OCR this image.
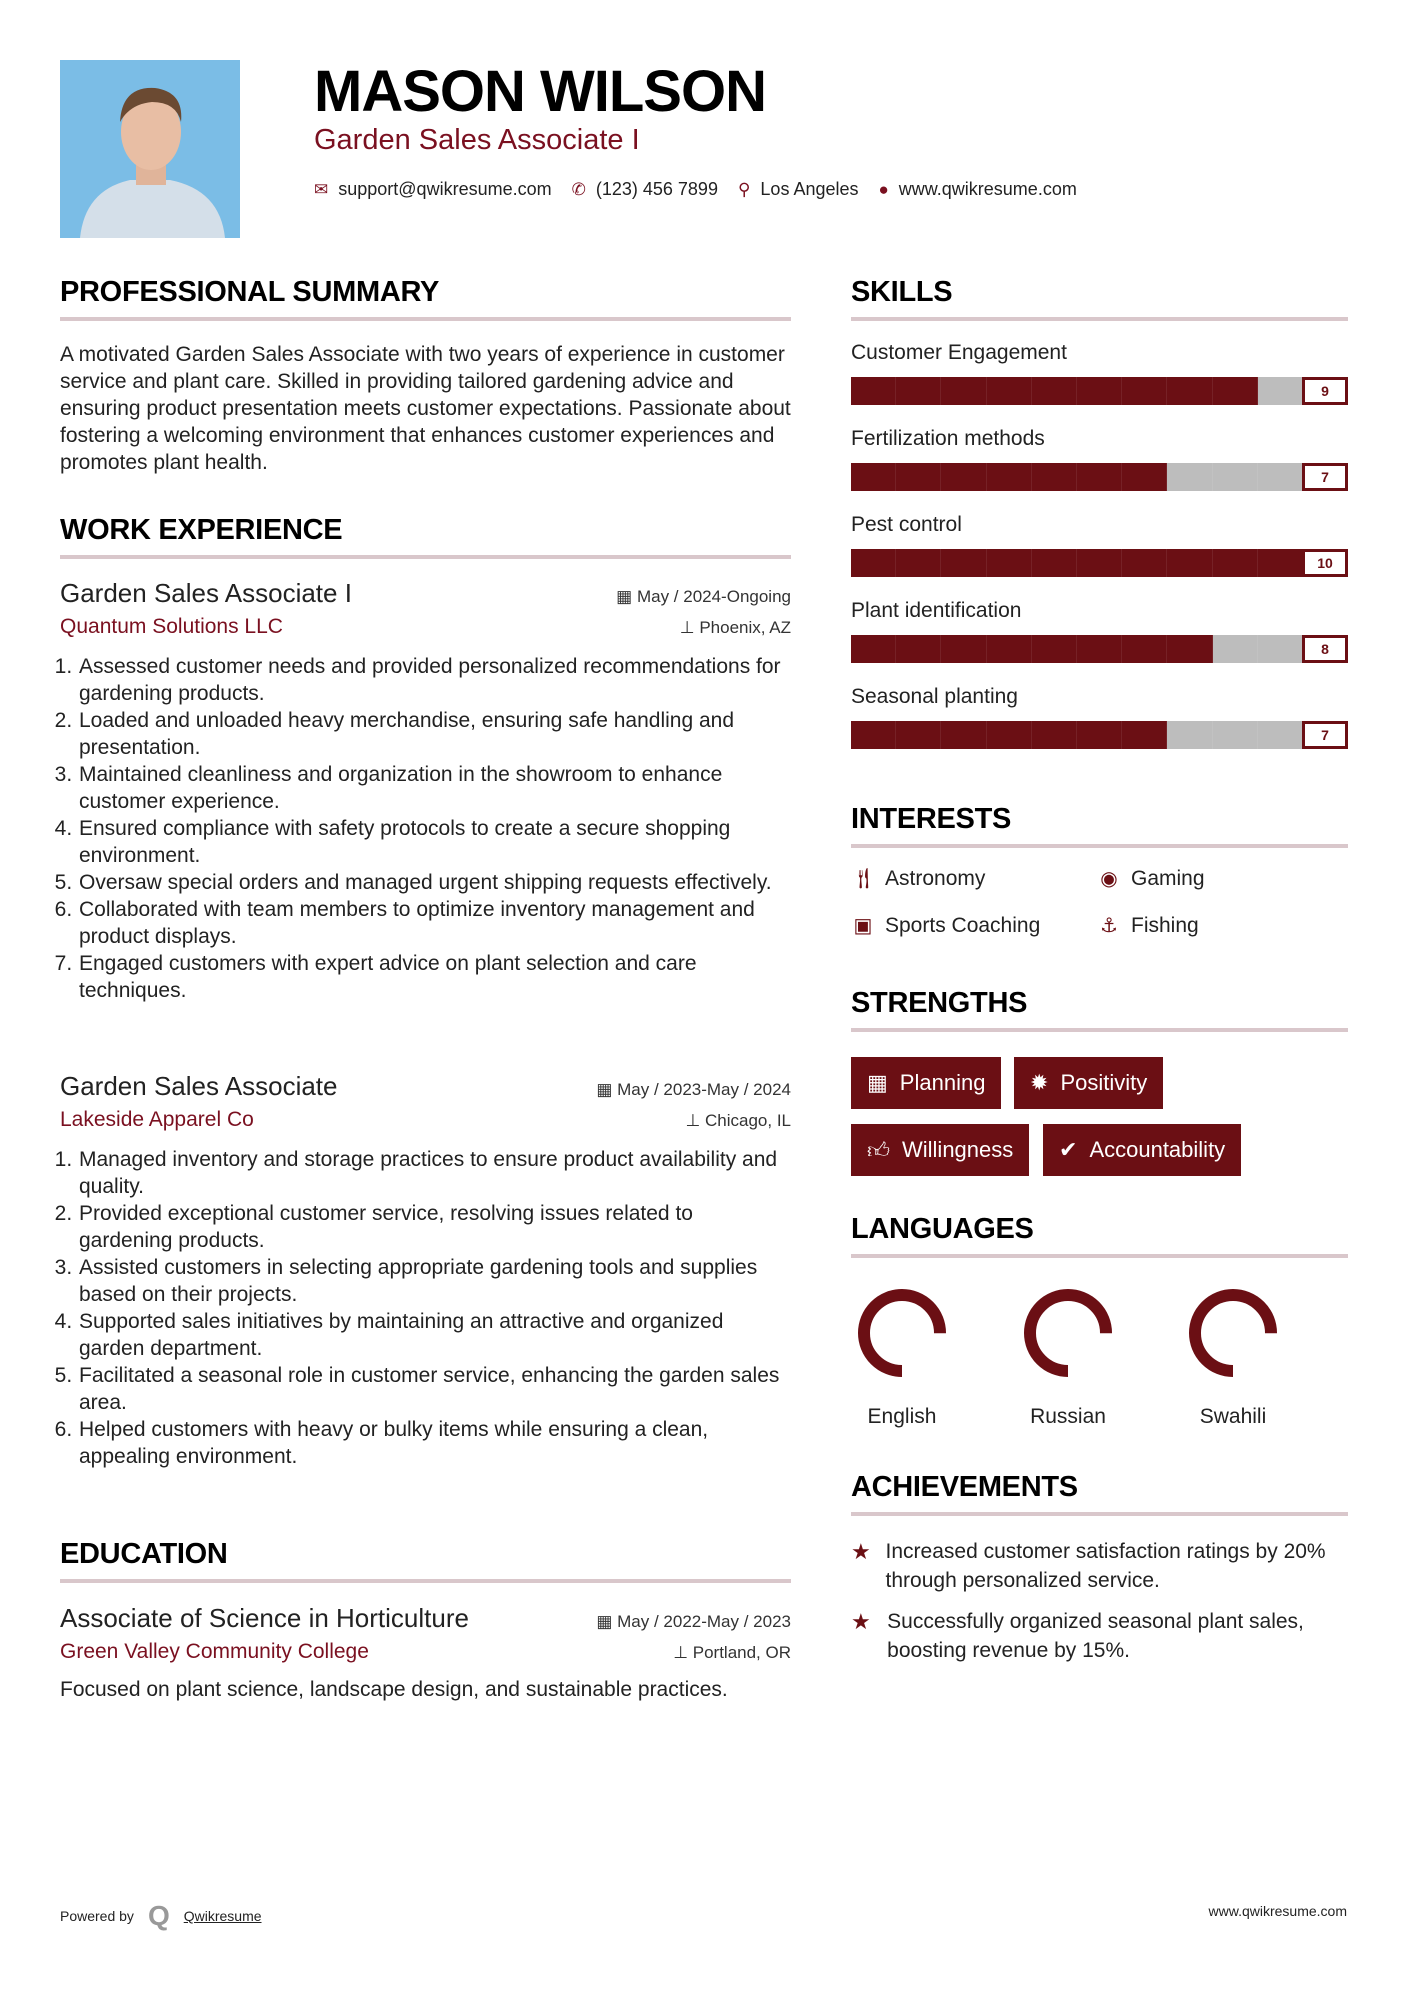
MASON WILSON
Garden Sales Associate I
✉ support@qwikresume.com ✆ (123) 456 7899 ⚲ Los Angeles ● www.qwikresume.com
PROFESSIONAL SUMMARY
A motivated Garden Sales Associate with two years of experience in customer service and plant care. Skilled in providing tailored gardening advice and ensuring product presentation meets customer expectations. Passionate about fostering a welcoming environment that enhances customer experiences and promotes plant health.
WORK EXPERIENCE
Garden Sales Associate I	▦ May / 2024-Ongoing
Quantum Solutions LLC	⊥ Phoenix, AZ
1. Assessed customer needs and provided personalized recommendations for gardening products.
2. Loaded and unloaded heavy merchandise, ensuring safe handling and presentation.
3. Maintained cleanliness and organization in the showroom to enhance customer experience.
4. Ensured compliance with safety protocols to create a secure shopping environment.
5. Oversaw special orders and managed urgent shipping requests effectively.
6. Collaborated with team members to optimize inventory management and product displays.
7. Engaged customers with expert advice on plant selection and care techniques.
Garden Sales Associate	▦ May / 2023-May / 2024
Lakeside Apparel Co	⊥ Chicago, IL
1. Managed inventory and storage practices to ensure product availability and quality.
2. Provided exceptional customer service, resolving issues related to gardening products.
3. Assisted customers in selecting appropriate gardening tools and supplies based on their projects.
4. Supported sales initiatives by maintaining an attractive and organized garden department.
5. Facilitated a seasonal role in customer service, enhancing the garden sales area.
6. Helped customers with heavy or bulky items while ensuring a clean, appealing environment.
EDUCATION
Associate of Science in Horticulture	▦ May / 2022-May / 2023
Green Valley Community College	⊥ Portland, OR
Focused on plant science, landscape design, and sustainable practices.
SKILLS
Customer Engagement
9
Fertilization methods
7
Pest control
10
Plant identification
8
Seasonal planting
7
INTERESTS
🍴︎ Astronomy	◉ Gaming
▣ Sports Coaching	⚓︎ Fishing
STRENGTHS
▦ Planning ✹ Positivity
👍︎ Willingness ✔ Accountability
LANGUAGES
English	Russian	Swahili
ACHIEVEMENTS
★ Increased customer satisfaction ratings by 20% through personalized service.
★ Successfully organized seasonal plant sales, boosting revenue by 15%.
Powered by Q Qwikresume	www.qwikresume.com
